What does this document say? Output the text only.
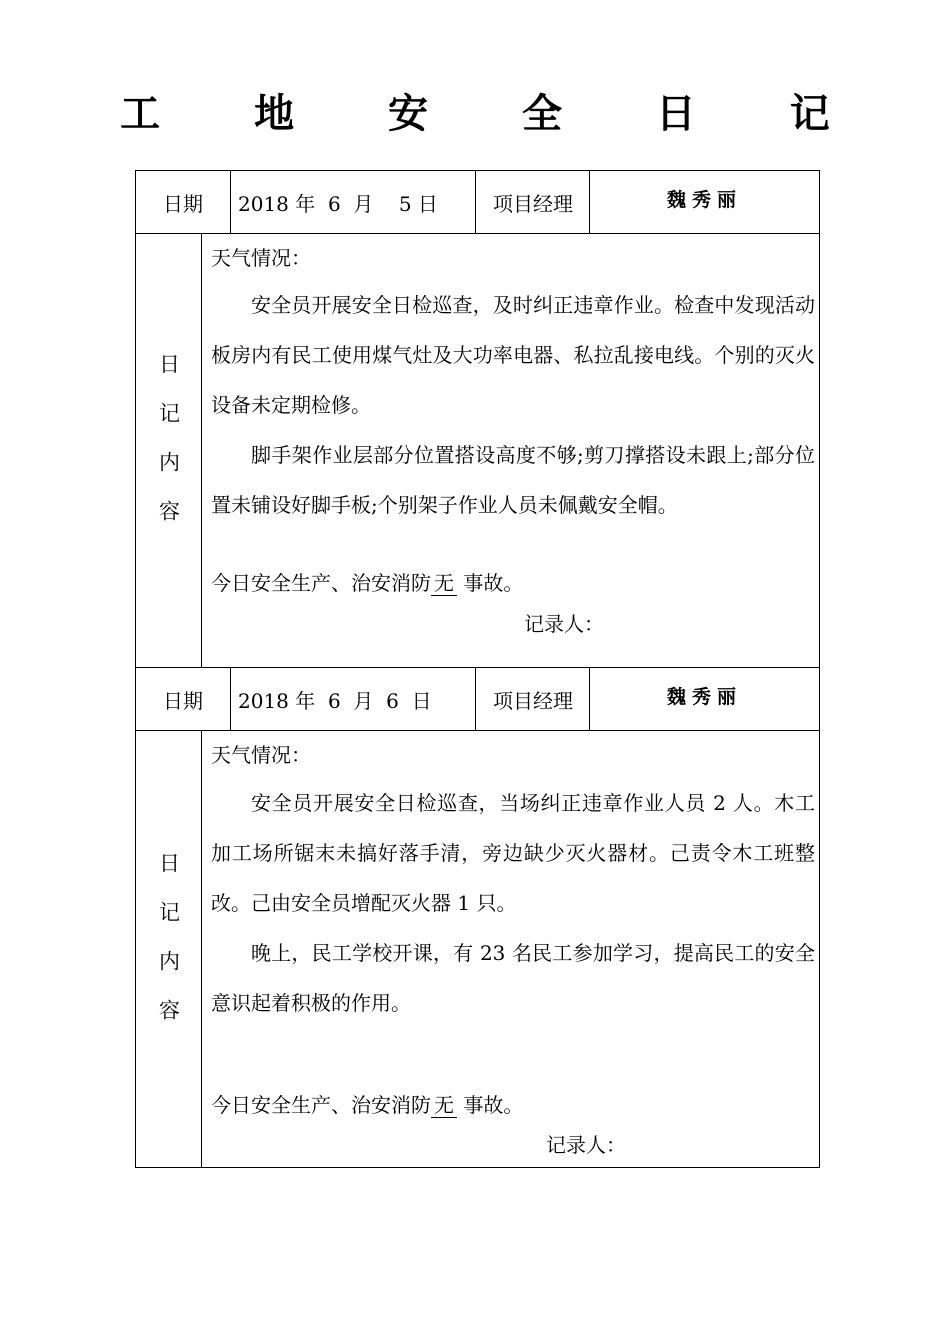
工 地 安 全 日 记
日期	2018 年  6  月    5 日	项目经理	魏秀丽
日记内容
天气情况：
安全员开展安全日检巡查，及时纠正违章作业。检查中发现活动板房内有民工使用煤气灶及大功率电器、私拉乱接电线。个别的灭火设备未定期检修。
脚手架作业层部分位置搭设高度不够;剪刀撑搭设未跟上;部分位置未铺设好脚手板;个别架子作业人员未佩戴安全帽。
今日安全生产、治安消防 无 事故。
记录人：
日期	2018 年  6  月  6  日	项目经理	魏秀丽
日记内容
天气情况：
安全员开展安全日检巡查，当场纠正违章作业人员 2 人。木工加工场所锯末未搞好落手清，旁边缺少灭火器材。己责令木工班整改。己由安全员增配灭火器 1 只。
晚上，民工学校开课，有 23 名民工参加学习，提高民工的安全意识起着积极的作用。
今日安全生产、治安消防 无 事故。
记录人：
